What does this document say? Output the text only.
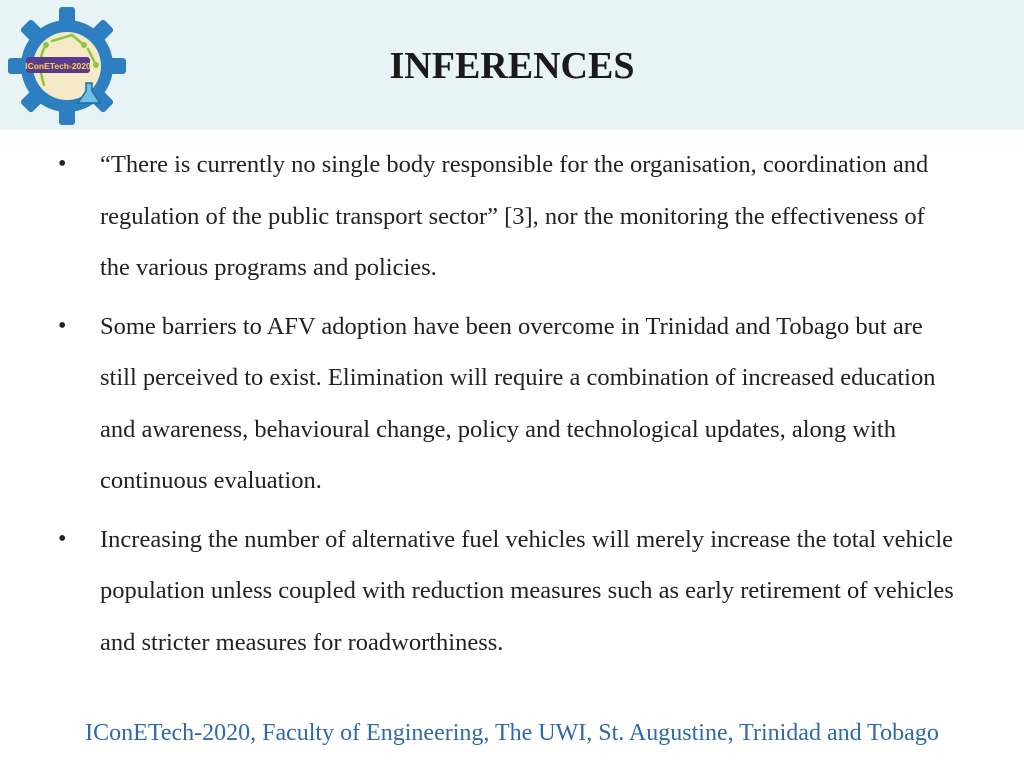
IConETech-2020	INFERENCES
• “There is currently no single body responsible for the organisation, coordination and regulation of the public transport sector” [3], nor the monitoring the effectiveness of the various programs and policies.
• Some barriers to AFV adoption have been overcome in Trinidad and Tobago but are still perceived to exist. Elimination will require a combination of increased education and awareness, behavioural change, policy and technological updates, along with continuous evaluation.
• Increasing the number of alternative fuel vehicles will merely increase the total vehicle population unless coupled with reduction measures such as early retirement of vehicles and stricter measures for roadworthiness.
IConETech-2020, Faculty of Engineering, The UWI, St. Augustine, Trinidad and Tobago
